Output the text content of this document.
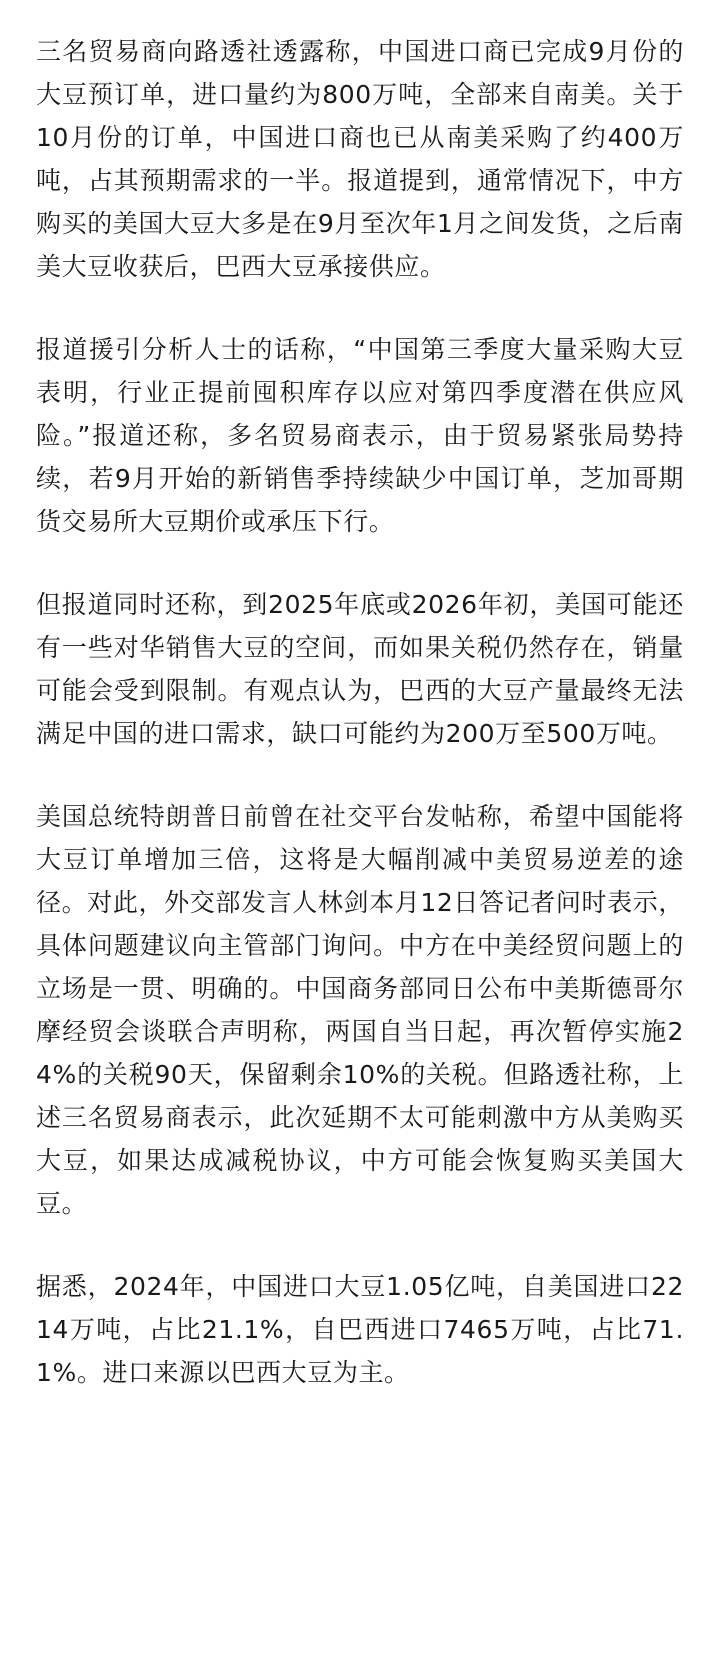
三名贸易商向路透社透露称，中国进口商已完成9月份的大豆预订单，进口量约为800万吨，全部来自南美。关于10月份的订单，中国进口商也已从南美采购了约400万吨，占其预期需求的一半。报道提到，通常情况下，中方购买的美国大豆大多是在9月至次年1月之间发货，之后南美大豆收获后，巴西大豆承接供应。

报道援引分析人士的话称，“中国第三季度大量采购大豆表明，行业正提前囤积库存以应对第四季度潜在供应风险。”报道还称，多名贸易商表示，由于贸易紧张局势持续，若9月开始的新销售季持续缺少中国订单，芝加哥期货交易所大豆期价或承压下行。

但报道同时还称，到2025年底或2026年初，美国可能还有一些对华销售大豆的空间，而如果关税仍然存在，销量可能会受到限制。有观点认为，巴西的大豆产量最终无法满足中国的进口需求，缺口可能约为200万至500万吨。

美国总统特朗普日前曾在社交平台发帖称，希望中国能将大豆订单增加三倍，这将是大幅削减中美贸易逆差的途径。对此，外交部发言人林剑本月12日答记者问时表示，具体问题建议向主管部门询问。中方在中美经贸问题上的立场是一贯、明确的。中国商务部同日公布中美斯德哥尔摩经贸会谈联合声明称，两国自当日起，再次暂停实施24%的关税90天，保留剩余10%的关税。但路透社称，上述三名贸易商表示，此次延期不太可能刺激中方从美购买大豆，如果达成减税协议，中方可能会恢复购买美国大豆。

据悉，2024年，中国进口大豆1.05亿吨，自美国进口2214万吨，占比21.1%，自巴西进口7465万吨，占比71.1%。进口来源以巴西大豆为主。
